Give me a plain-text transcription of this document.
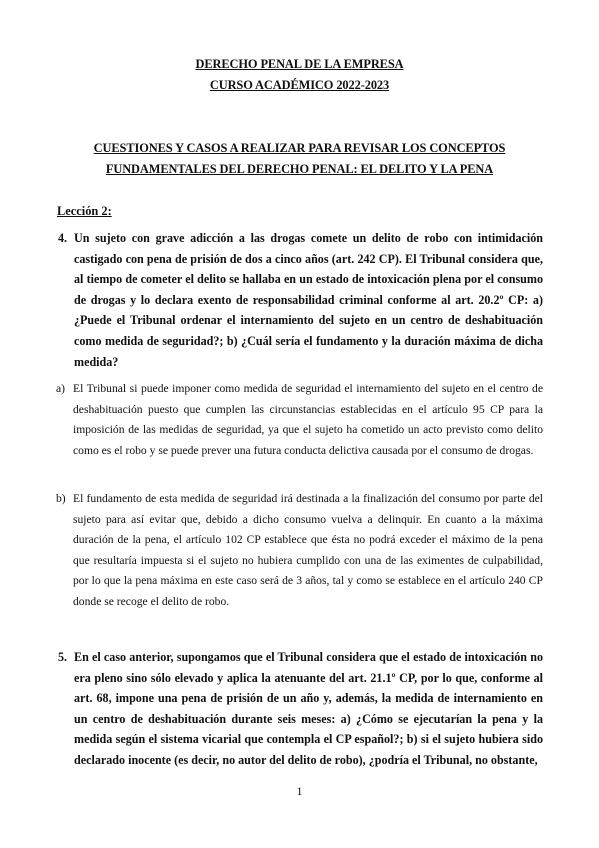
DERECHO PENAL DE LA EMPRESA
CURSO ACADÉMICO 2022-2023
CUESTIONES Y CASOS A REALIZAR PARA REVISAR LOS CONCEPTOS
FUNDAMENTALES DEL DERECHO PENAL: EL DELITO Y LA PENA
Lección 2:
4. Un sujeto con grave adicción a las drogas comete un delito de robo con intimidación castigado con pena de prisión de dos a cinco años (art. 242 CP). El Tribunal considera que, al tiempo de cometer el delito se hallaba en un estado de intoxicación plena por el consumo de drogas y lo declara exento de responsabilidad criminal conforme al art. 20.2º CP: a) ¿Puede el Tribunal ordenar el internamiento del sujeto en un centro de deshabituación como medida de seguridad?; b) ¿Cuál sería el fundamento y la duración máxima de dicha medida?
a) El Tribunal si puede imponer como medida de seguridad el internamiento del sujeto en el centro de deshabituación puesto que cumplen las circunstancias establecidas en el artículo 95 CP para la imposición de las medidas de seguridad, ya que el sujeto ha cometido un acto previsto como delito como es el robo y se puede prever una futura conducta delictiva causada por el consumo de drogas.
b) El fundamento de esta medida de seguridad irá destinada a la finalización del consumo por parte del sujeto para así evitar que, debido a dicho consumo vuelva a delinquir. En cuanto a la máxima duración de la pena, el artículo 102 CP establece que ésta no podrá exceder el máximo de la pena que resultaría impuesta si el sujeto no hubiera cumplido con una de las eximentes de culpabilidad, por lo que la pena máxima en este caso será de 3 años, tal y como se establece en el artículo 240 CP donde se recoge el delito de robo.
5. En el caso anterior, supongamos que el Tribunal considera que el estado de intoxicación no era pleno sino sólo elevado y aplica la atenuante del art. 21.1º CP, por lo que, conforme al art. 68, impone una pena de prisión de un año y, además, la medida de internamiento en un centro de deshabituación durante seis meses: a) ¿Cómo se ejecutarían la pena y la medida según el sistema vicarial que contempla el CP español?; b) si el sujeto hubiera sido declarado inocente (es decir, no autor del delito de robo), ¿podría el Tribunal, no obstante,
1
